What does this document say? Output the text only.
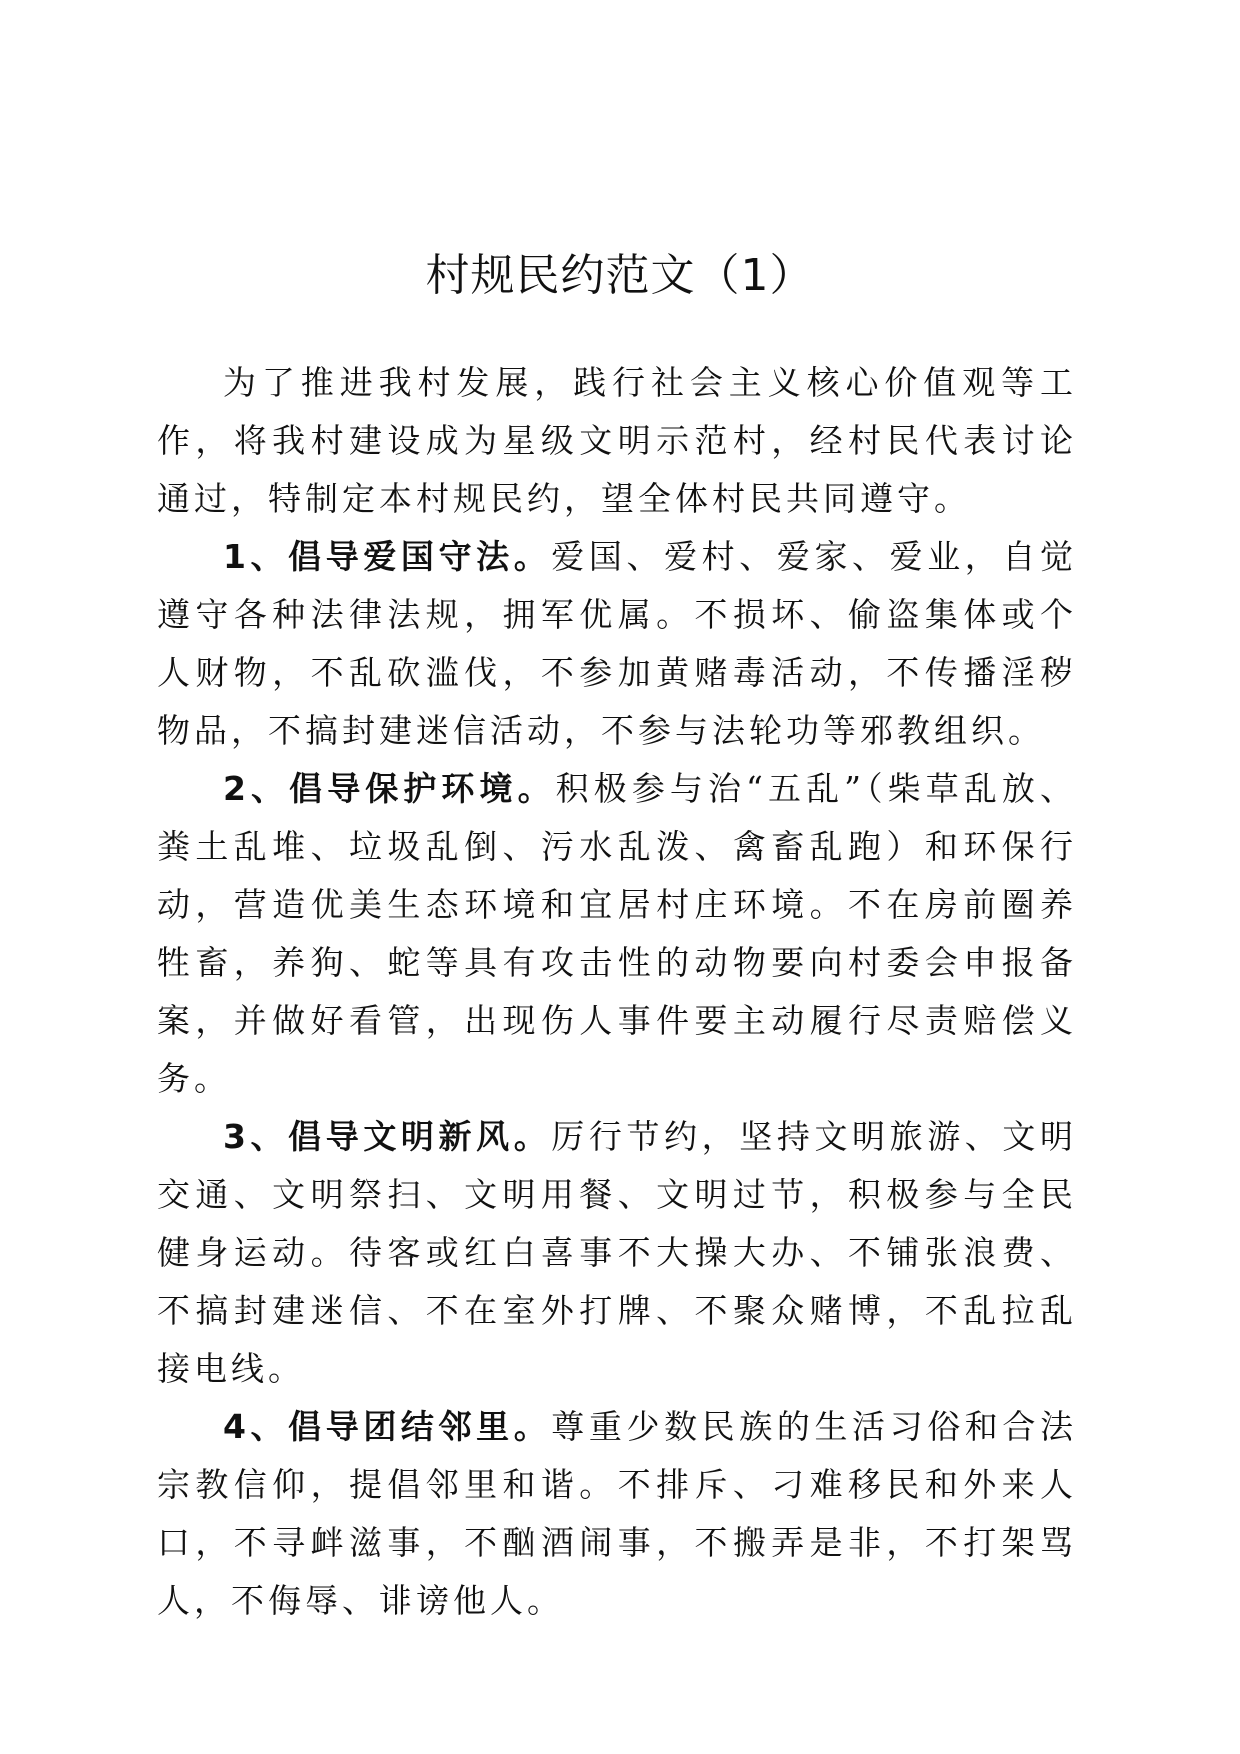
村规民约范文（1）

为了推进我村发展，践行社会主义核心价值观等工作，将我村建设成为星级文明示范村，经村民代表讨论通过，特制定本村规民约，望全体村民共同遵守。

1、倡导爱国守法。爱国、爱村、爱家、爱业，自觉遵守各种法律法规，拥军优属。不损坏、偷盗集体或个人财物，不乱砍滥伐，不参加黄赌毒活动，不传播淫秽物品，不搞封建迷信活动，不参与法轮功等邪教组织。

2、倡导保护环境。积极参与治“五乱”（柴草乱放、粪土乱堆、垃圾乱倒、污水乱泼、禽畜乱跑）和环保行动，营造优美生态环境和宜居村庄环境。不在房前圈养牲畜，养狗、蛇等具有攻击性的动物要向村委会申报备案，并做好看管，出现伤人事件要主动履行尽责赔偿义务。

3、倡导文明新风。厉行节约，坚持文明旅游、文明交通、文明祭扫、文明用餐、文明过节，积极参与全民健身运动。待客或红白喜事不大操大办、不铺张浪费、不搞封建迷信、不在室外打牌、不聚众赌博，不乱拉乱接电线。

4、倡导团结邻里。尊重少数民族的生活习俗和合法宗教信仰，提倡邻里和谐。不排斥、刁难移民和外来人口，不寻衅滋事，不酗酒闹事，不搬弄是非，不打架骂人，不侮辱、诽谤他人。
